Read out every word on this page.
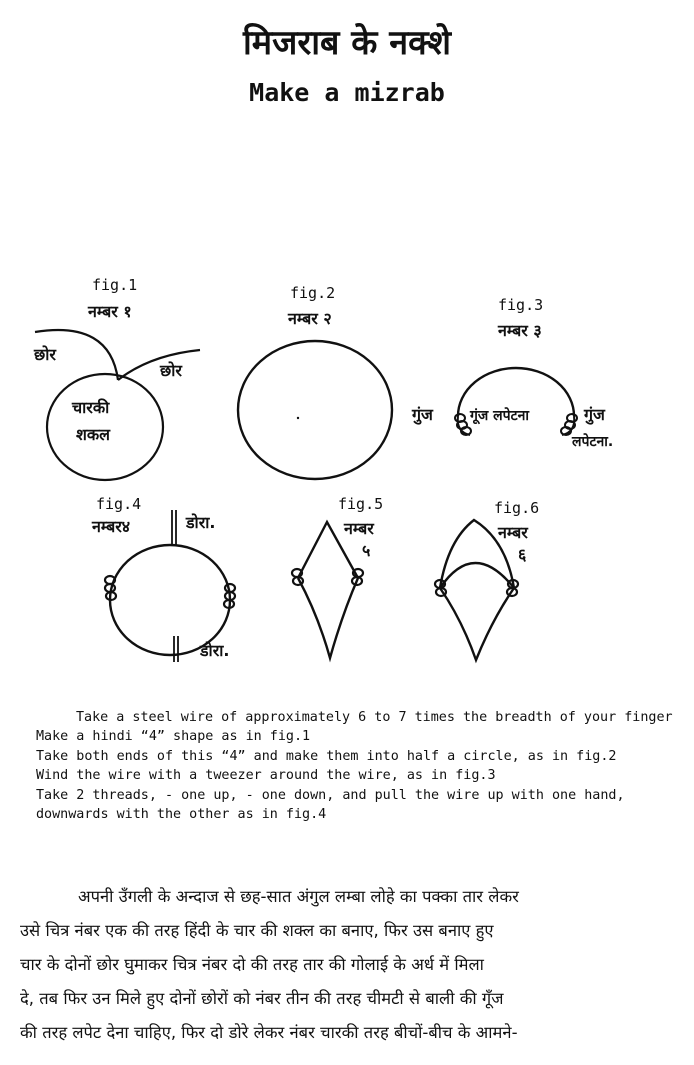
मिजराब के नक्शे
Make a mizrab
fig.1
नम्बर १
छोर
छोर
चारकी
शकल
fig.2
नम्बर २
fig.3
नम्बर ३
गुंज	गूंज लपेटना	गुंज
लपेटना.
fig.4
नम्बर४	डोरा.
डोरा.
fig.5
नम्बर
५
fig.6
नम्बर
६
Take a steel wire of approximately 6 to 7 times the breadth of your finger
Make a hindi “4” shape as in fig.1
Take both ends of this “4” and make them into half a circle, as in fig.2
Wind the wire with a tweezer around the wire, as in fig.3
Take 2 threads, - one up, - one down, and pull the wire up with one hand, downwards with the other as in fig.4
अपनी उँगली के अन्दाज से छह-सात अंगुल लम्बा लोहे का पक्का तार लेकर
उसे चित्र नंबर एक की तरह हिंदी के चार की शक्ल का बनाए, फिर उस बनाए हुए
चार के दोनों छोर घुमाकर चित्र नंबर दो की तरह तार की गोलाई के अर्ध में मिला
दे, तब फिर उन मिले हुए दोनों छोरों को नंबर तीन की तरह चीमटी से बाली की गूँज
की तरह लपेट देना चाहिए, फिर दो डोरे लेकर नंबर चारकी तरह बीचों-बीच के आमने-
